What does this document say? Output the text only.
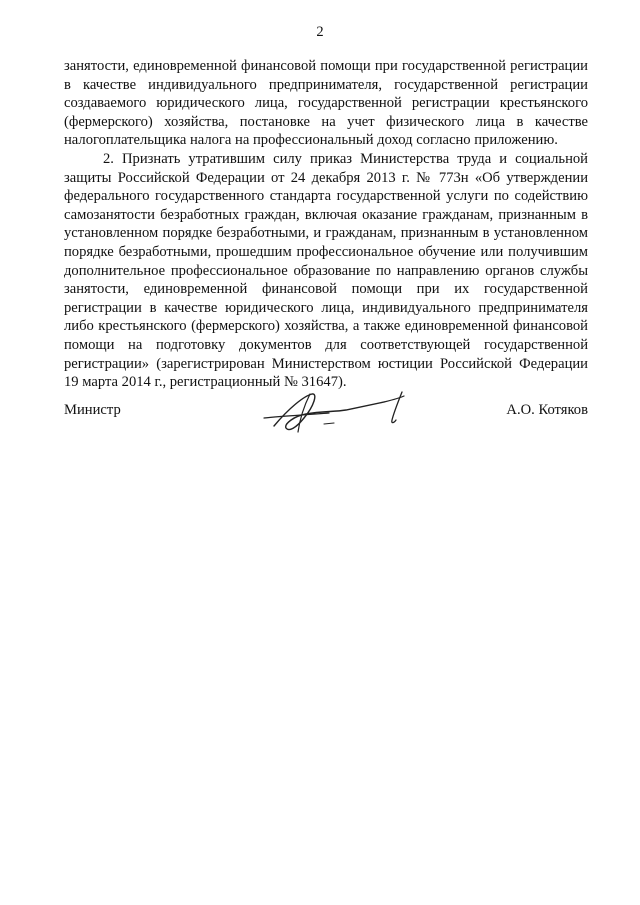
2

занятости, единовременной финансовой помощи при государственной регистрации в качестве индивидуального предпринимателя, государственной регистрации создаваемого юридического лица, государственной регистрации крестьянского (фермерского) хозяйства, постановке на учет физического лица в качестве налогоплательщика налога на профессиональный доход согласно приложению.

2. Признать утратившим силу приказ Министерства труда и социальной защиты Российской Федерации от 24 декабря 2013 г. № 773н «Об утверждении федерального государственного стандарта государственной услуги по содействию самозанятости безработных граждан, включая оказание гражданам, признанным в установленном порядке безработными, и гражданам, признанным в установленном порядке безработными, прошедшим профессиональное обучение или получившим дополнительное профессиональное образование по направлению органов службы занятости, единовременной финансовой помощи при их государственной регистрации в качестве юридического лица, индивидуального предпринимателя либо крестьянского (фермерского) хозяйства, а также единовременной финансовой помощи на подготовку документов для соответствующей государственной регистрации» (зарегистрирован Министерством юстиции Российской Федерации 19 марта 2014 г., регистрационный № 31647).

Министр	А.О. Котяков
